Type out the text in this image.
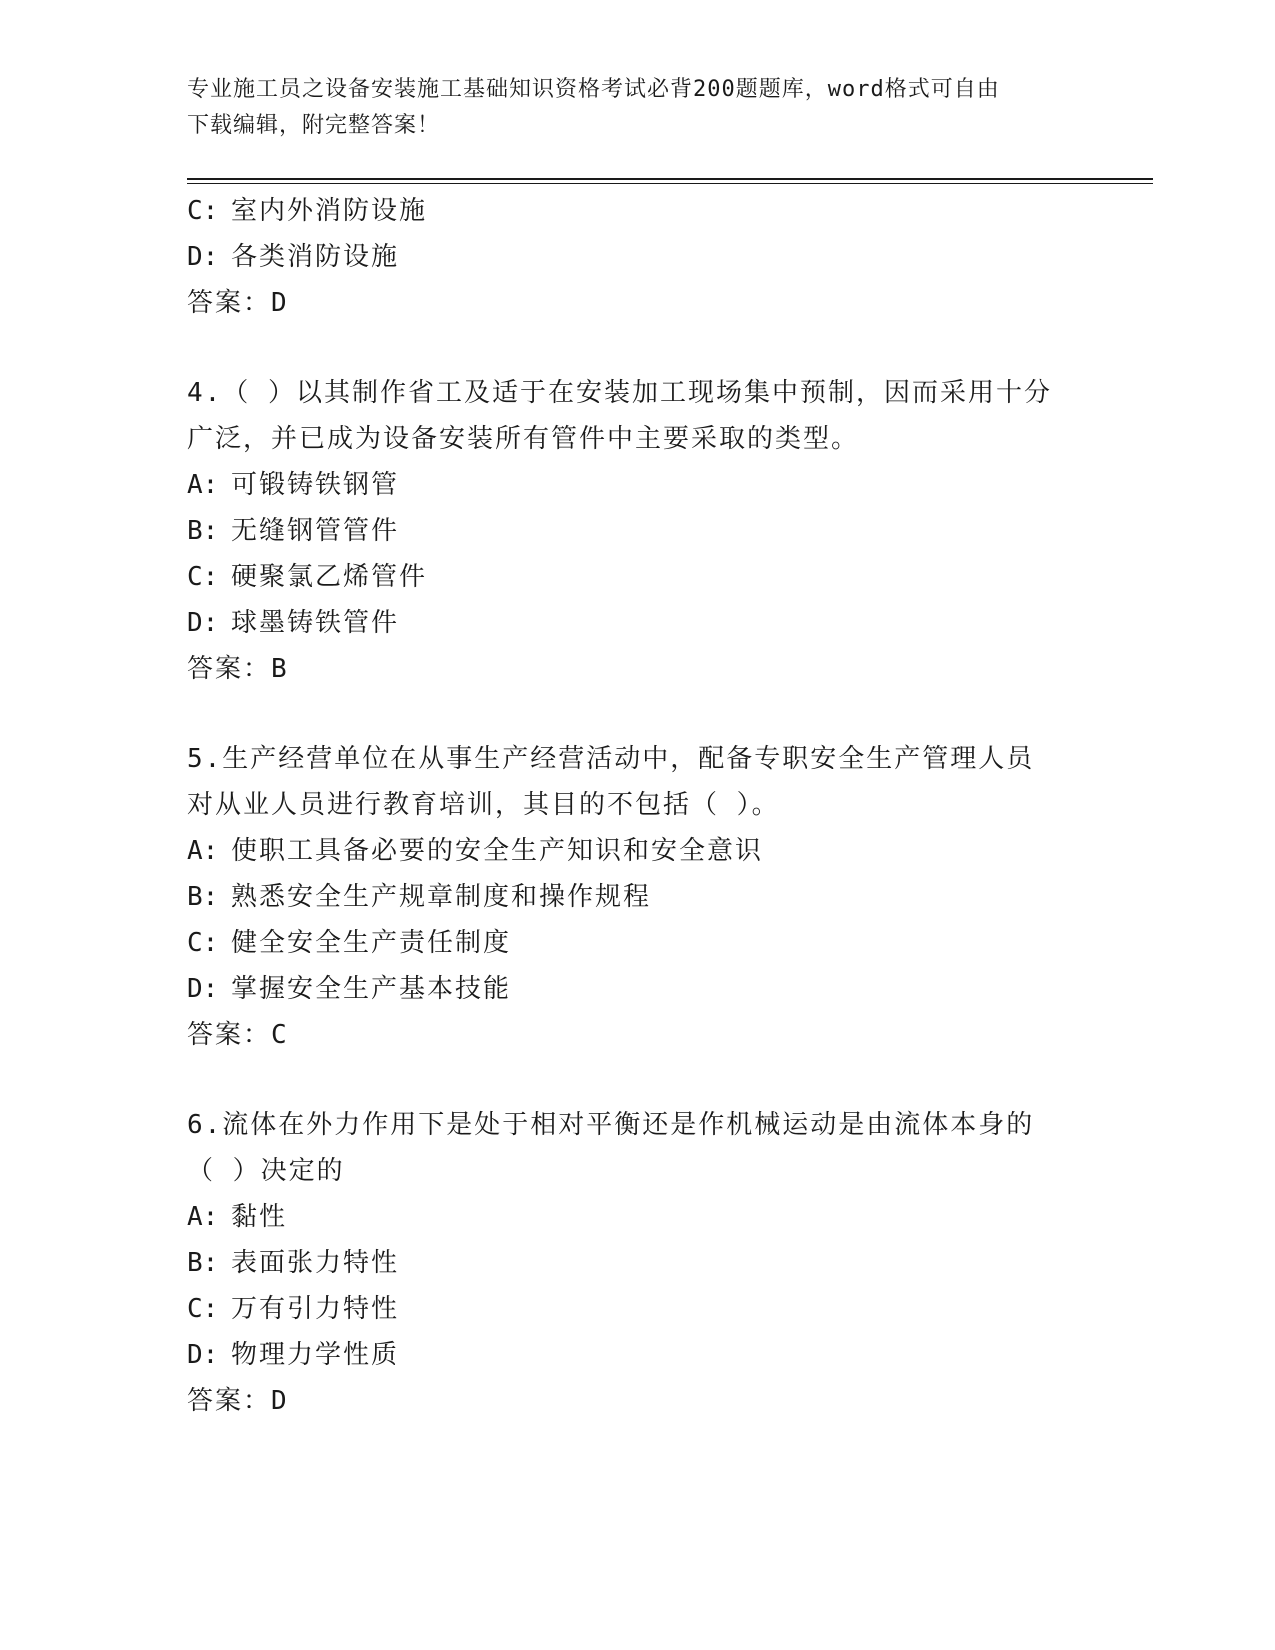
专业施工员之设备安装施工基础知识资格考试必背200题题库，word格式可自由
下载编辑，附完整答案！
C: 室内外消防设施
D: 各类消防设施
答案：D
4.（ ）以其制作省工及适于在安装加工现场集中预制，因而采用十分
广泛，并已成为设备安装所有管件中主要采取的类型。
A: 可锻铸铁钢管
B: 无缝钢管管件
C: 硬聚氯乙烯管件
D: 球墨铸铁管件
答案：B
5.生产经营单位在从事生产经营活动中，配备专职安全生产管理人员
对从业人员进行教育培训，其目的不包括（ ）。
A: 使职工具备必要的安全生产知识和安全意识
B: 熟悉安全生产规章制度和操作规程
C: 健全安全生产责任制度
D: 掌握安全生产基本技能
答案：C
6.流体在外力作用下是处于相对平衡还是作机械运动是由流体本身的
（ ）决定的
A: 黏性
B: 表面张力特性
C: 万有引力特性
D: 物理力学性质
答案：D
